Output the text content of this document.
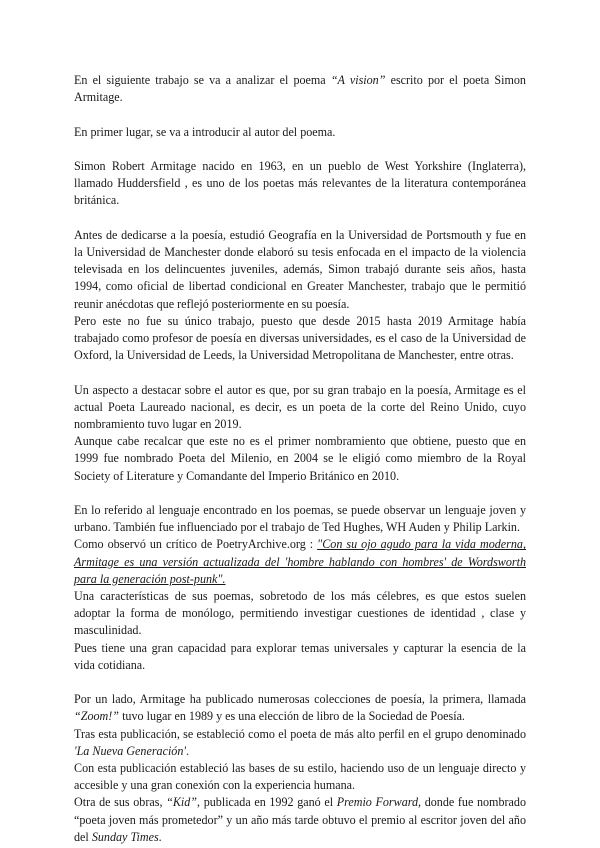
En el siguiente trabajo se va a analizar el poema “A vision” escrito por el poeta Simon Armitage.

En primer lugar, se va a introducir al autor del poema.

Simon Robert Armitage nacido en 1963, en un pueblo de West Yorkshire (Inglaterra), llamado Huddersfield , es uno de los poetas más relevantes de la literatura contemporánea británica.

Antes de dedicarse a la poesía, estudió Geografía en la Universidad de Portsmouth y fue en la Universidad de Manchester donde elaboró su tesis enfocada en el impacto de la violencia televisada en los delincuentes juveniles, además, Simon trabajó durante seis años, hasta 1994, como oficial de libertad condicional en Greater Manchester, trabajo que le permitió reunir anécdotas que reflejó posteriormente en su poesía.

Pero este no fue su único trabajo, puesto que desde 2015 hasta 2019 Armitage había trabajado como profesor de poesía en diversas universidades, es el caso de la Universidad de Oxford, la Universidad de Leeds, la Universidad Metropolitana de Manchester, entre otras.

Un aspecto a destacar sobre el autor es que, por su gran trabajo en la poesía, Armitage es el actual Poeta Laureado nacional, es decir, es un poeta de la corte del Reino Unido, cuyo nombramiento tuvo lugar en 2019.

Aunque cabe recalcar que este no es el primer nombramiento que obtiene, puesto que en 1999 fue nombrado Poeta del Milenio, en 2004 se le eligió como miembro de la Royal Society of Literature y Comandante del Imperio Británico en 2010.

En lo referido al lenguaje encontrado en los poemas, se puede observar un lenguaje joven y urbano. También fue influenciado por el trabajo de Ted Hughes, WH Auden y Philip Larkin.

Como observó un crítico de PoetryArchive.org : "Con su ojo agudo para la vida moderna, Armitage es una versión actualizada del 'hombre hablando con hombres' de Wordsworth para la generación post-punk".

Una características de sus poemas, sobretodo de los más célebres, es que estos suelen adoptar la forma de monólogo, permitiendo investigar cuestiones de identidad , clase y masculinidad.

Pues tiene una gran capacidad para explorar temas universales y capturar la esencia de la vida cotidiana.

Por un lado, Armitage ha publicado numerosas colecciones de poesía, la primera, llamada “Zoom!” tuvo lugar en 1989 y es una elección de libro de la Sociedad de Poesía.

Tras esta publicación, se estableció como el poeta de más alto perfil en el grupo denominado 'La Nueva Generación'.

Con esta publicación estableció las bases de su estilo, haciendo uso de un lenguaje directo y accesible y una gran conexión con la experiencia humana.

Otra de sus obras, “Kid”, publicada en 1992 ganó el Premio Forward, donde fue nombrado “poeta joven más prometedor” y un año más tarde obtuvo el premio al escritor joven del año del Sunday Times.
